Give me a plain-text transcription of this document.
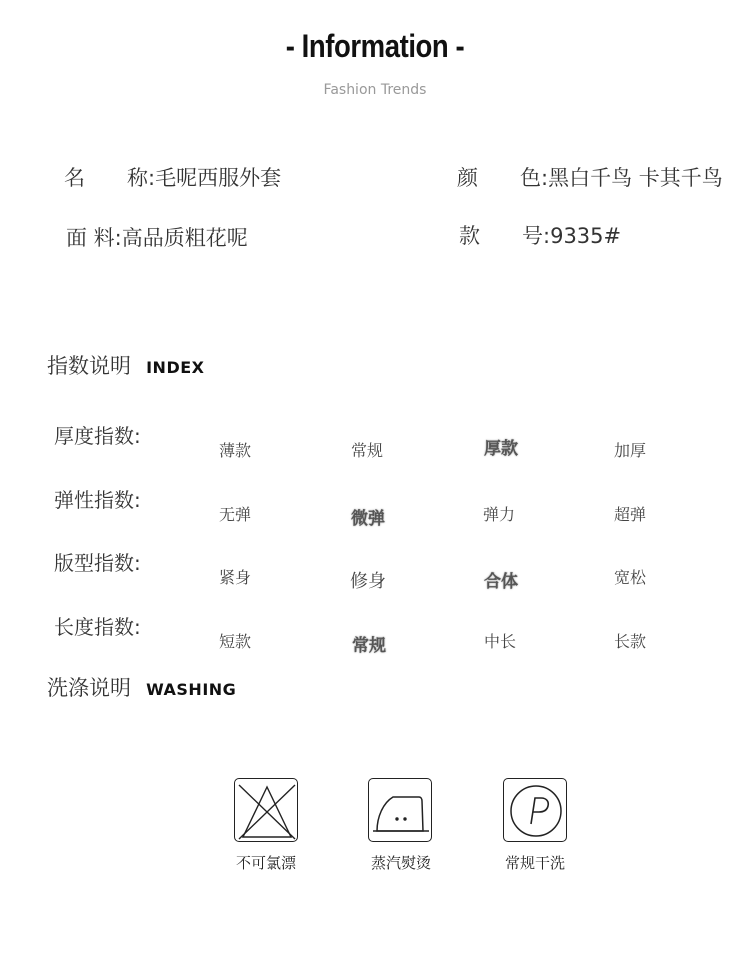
- Information -
Fashion Trends
名　　称:毛呢西服外套	颜　　色:黑白千鸟 卡其千鸟
面 料:高品质粗花呢	款　　号:9335#
指数说明 INDEX
厚度指数:
薄款	常规	厚款	加厚
弹性指数:
无弹	微弹	弹力	超弹
版型指数:
紧身	修身	合体	宽松
长度指数:
短款	常规	中长	长款
洗涤说明 WASHING
不可氯漂	蒸汽熨烫	常规干洗
